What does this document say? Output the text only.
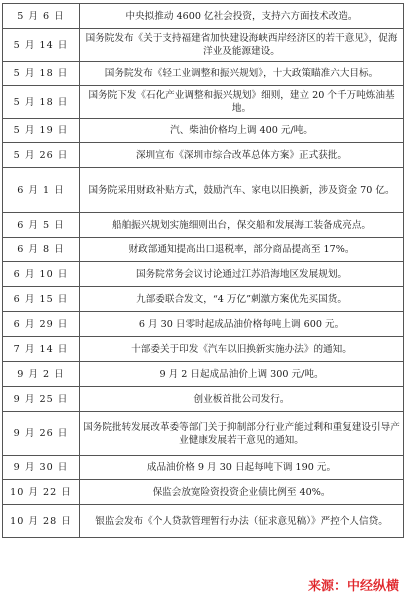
5 月 6 日	中央拟推动 4600 亿社会投资，支持六方面技术改造。
5 月 14 日	国务院发布《关于支持福建省加快建设海峡西岸经济区的若干意见》，促海洋业及能源建设。
5 月 18 日	国务院发布《轻工业调整和振兴规划》，十大政策瞄准六大目标。
5 月 18 日	国务院下发《石化产业调整和振兴规划》细则，建立 20 个千万吨炼油基地。
5 月 19 日	汽、柴油价格均上调 400 元/吨。
5 月 26 日	深圳宣布《深圳市综合改革总体方案》正式获批。
6 月 1 日	国务院采用财政补贴方式，鼓励汽车、家电以旧换新，涉及资金 70 亿。
6 月 5 日	船舶振兴规划实施细则出台，保交船和发展海工装备成亮点。
6 月 8 日	财政部通知提高出口退税率，部分商品提高至 17%。
6 月 10 日	国务院常务会议讨论通过江苏沿海地区发展规划。
6 月 15 日	九部委联合发文，“4 万亿”刺激方案优先买国货。
6 月 29 日	6 月 30 日零时起成品油价格每吨上调 600 元。
7 月 14 日	十部委关于印发《汽车以旧换新实施办法》的通知。
9 月 2 日	9 月 2 日起成品油价上调 300 元/吨。
9 月 25 日	创业板首批公司发行。
9 月 26 日	国务院批转发展改革委等部门关于抑制部分行业产能过剩和重复建设引导产业健康发展若干意见的通知。
9 月 30 日	成品油价格 9 月 30 日起每吨下调 190 元。
10 月 22 日	保监会放宽险资投资企业债比例至 40%。
10 月 28 日	银监会发布《个人贷款管理暂行办法（征求意见稿）》严控个人信贷。
来源：中经纵横
